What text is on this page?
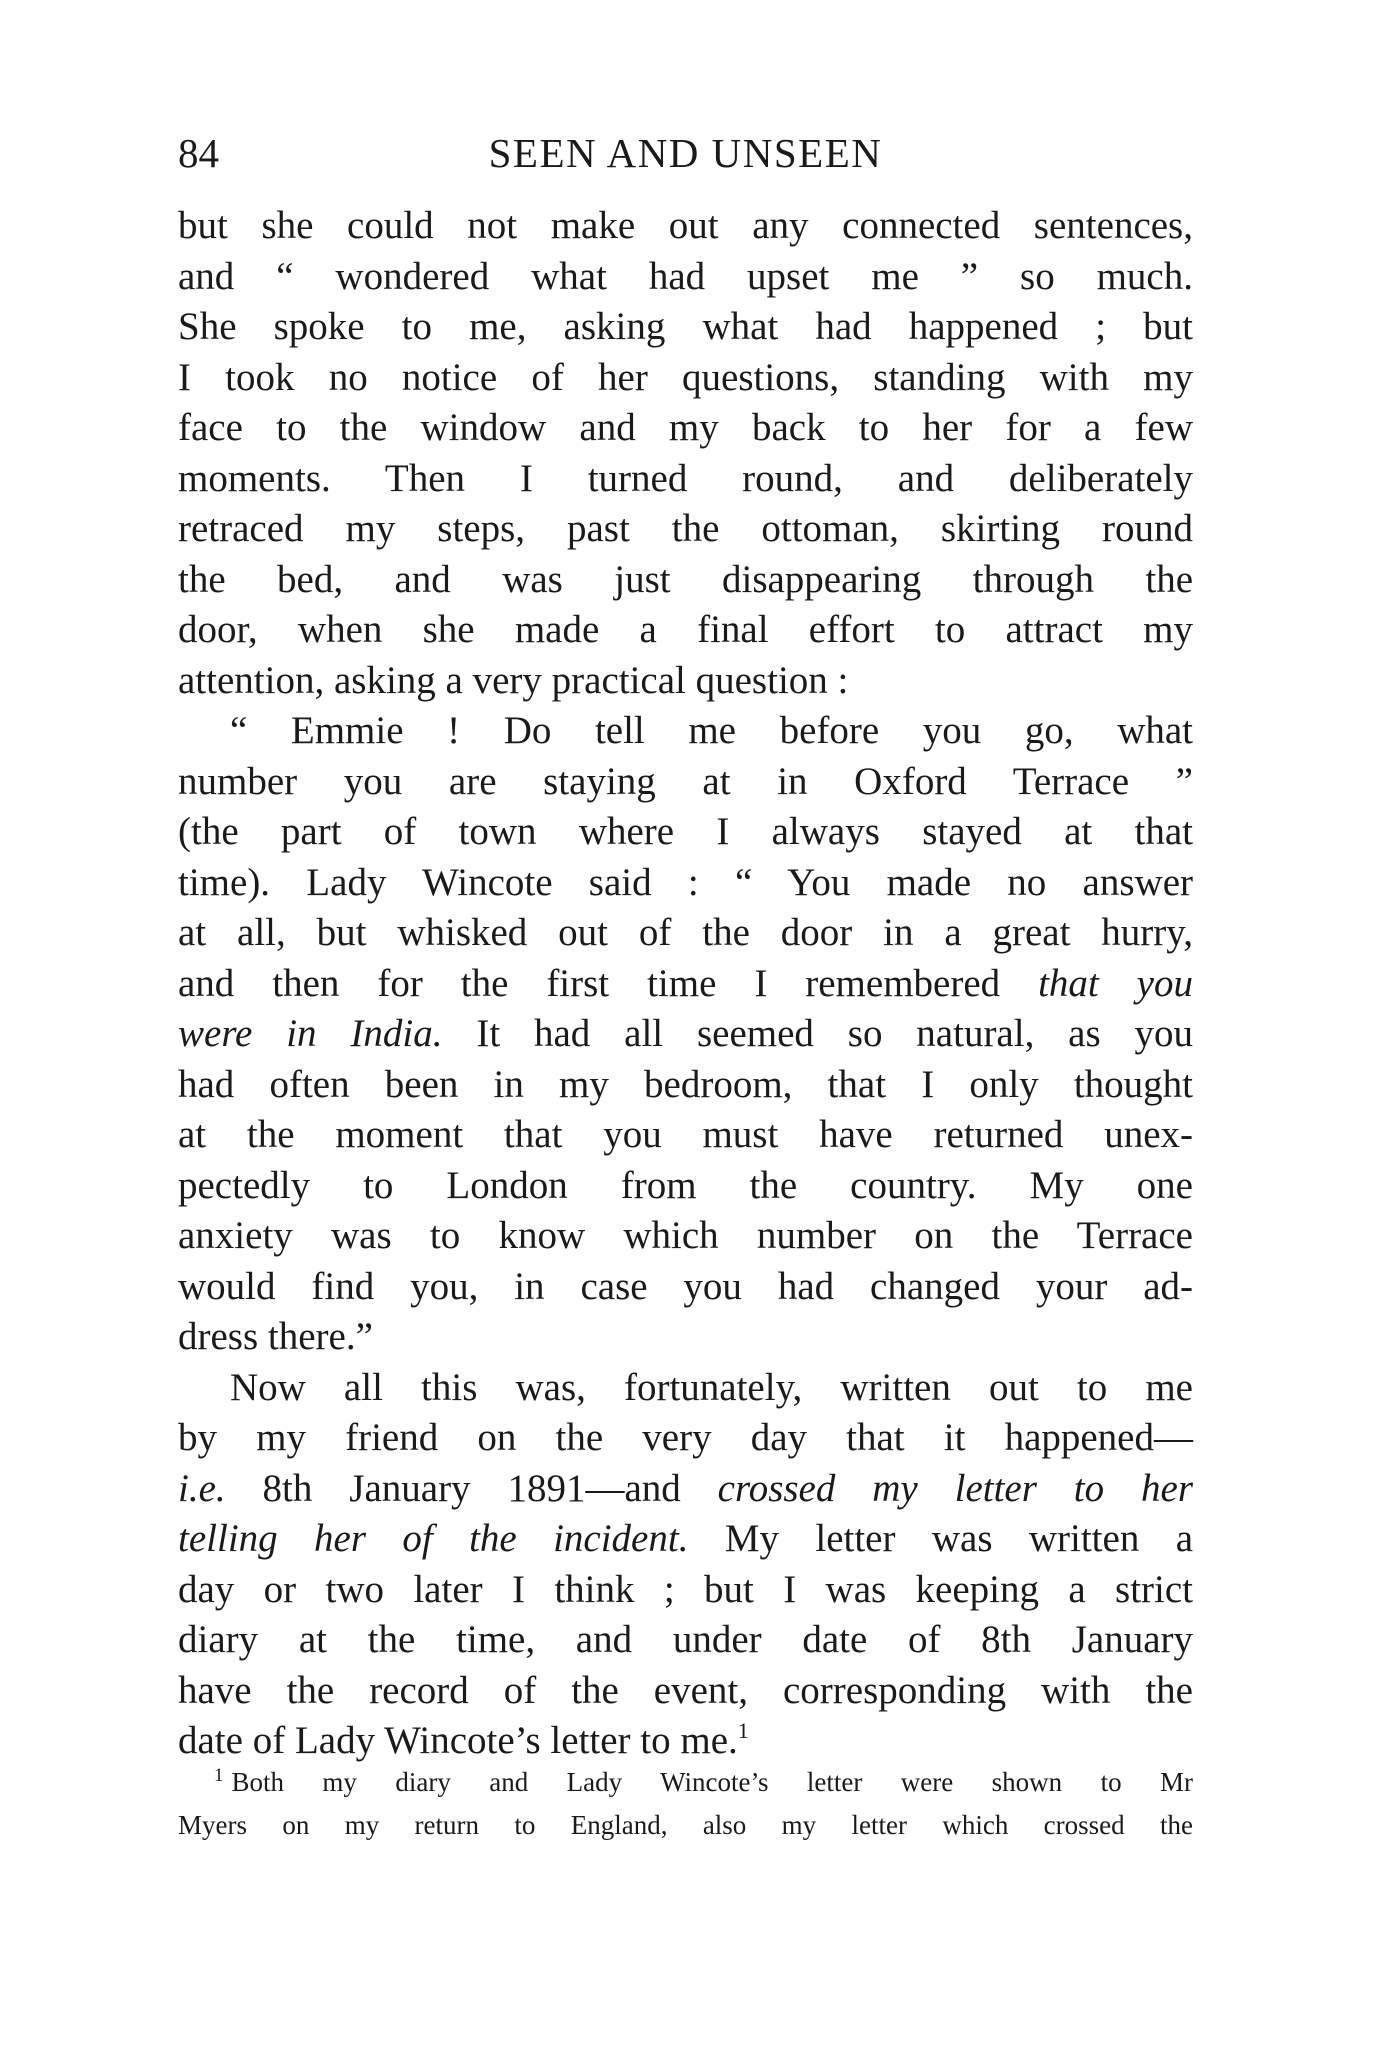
84	SEEN AND UNSEEN
but she could not make out any connected sentences,
and “ wondered what had upset me ” so much.
She spoke to me, asking what had happened ; but
I took no notice of her questions, standing with my
face to the window and my back to her for a few
moments. Then I turned round, and deliberately
retraced my steps, past the ottoman, skirting round
the bed, and was just disappearing through the
door, when she made a final effort to attract my
attention, asking a very practical question :
“ Emmie ! Do tell me before you go, what
number you are staying at in Oxford Terrace ”
(the part of town where I always stayed at that
time). Lady Wincote said : “ You made no answer
at all, but whisked out of the door in a great hurry,
and then for the first time I remembered that you
were in India. It had all seemed so natural, as you
had often been in my bedroom, that I only thought
at the moment that you must have returned unex-
pectedly to London from the country. My one
anxiety was to know which number on the Terrace
would find you, in case you had changed your ad-
dress there.”
Now all this was, fortunately, written out to me
by my friend on the very day that it happened—
i.e. 8th January 1891—and crossed my letter to her
telling her of the incident. My letter was written a
day or two later I think ; but I was keeping a strict
diary at the time, and under date of 8th January
have the record of the event, corresponding with the
date of Lady Wincote’s letter to me.$^1$
$^1$ Both my diary and Lady Wincote’s letter were shown to Mr
Myers on my return to England, also my letter which crossed the
